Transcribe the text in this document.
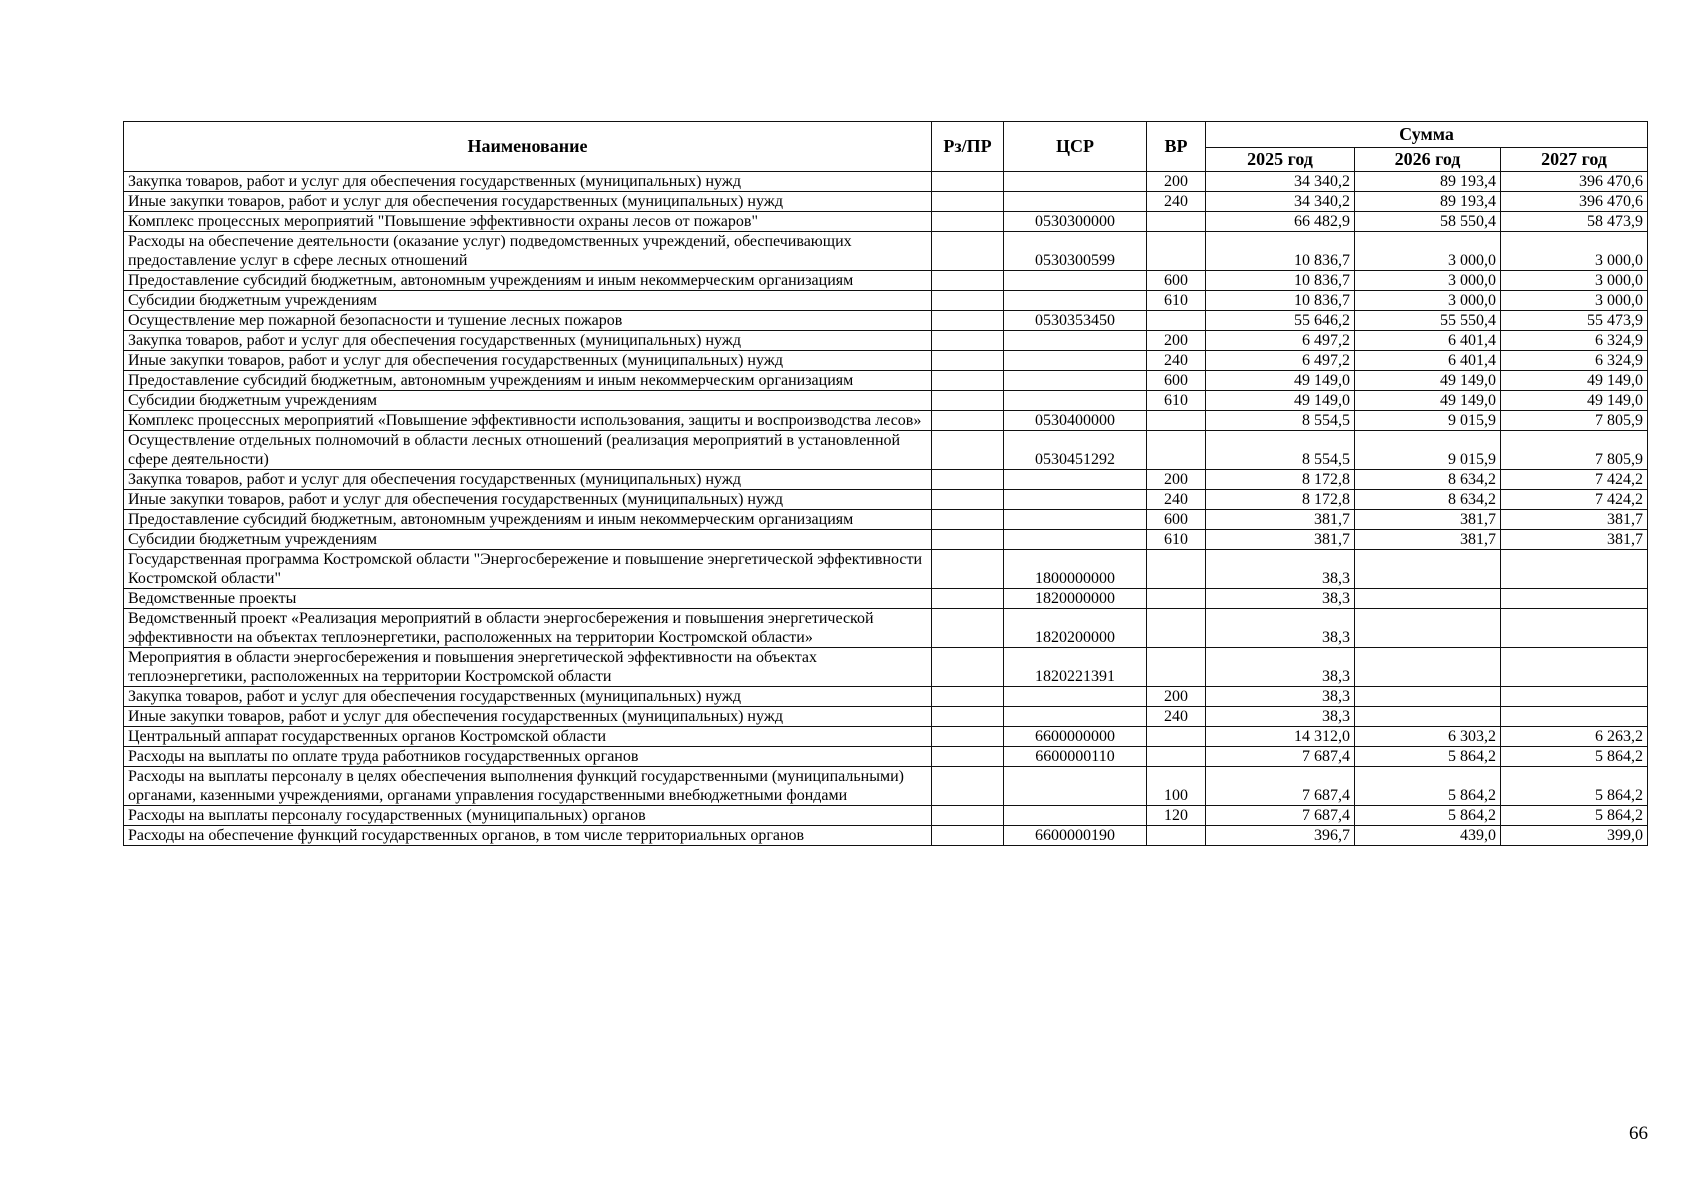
Наименование	Рз/ПР	ЦСР	ВР	Сумма		
				2025 год	2026 год	2027 год
Закупка товаров, работ и услуг для обеспечения государственных (муниципальных) нужд			200	34 340,2	89 193,4	396 470,6
Иные закупки товаров, работ и услуг для обеспечения государственных (муниципальных) нужд			240	34 340,2	89 193,4	396 470,6
Комплекс процессных мероприятий "Повышение эффективности охраны лесов от пожаров"		0530300000		66 482,9	58 550,4	58 473,9
Расходы на обеспечение деятельности (оказание услуг) подведомственных учреждений, обеспечивающих предоставление услуг в сфере лесных отношений		0530300599		10 836,7	3 000,0	3 000,0
Предоставление субсидий бюджетным, автономным учреждениям и иным некоммерческим организациям			600	10 836,7	3 000,0	3 000,0
Субсидии бюджетным учреждениям			610	10 836,7	3 000,0	3 000,0
Осуществление мер пожарной безопасности и тушение лесных пожаров		0530353450		55 646,2	55 550,4	55 473,9
Закупка товаров, работ и услуг для обеспечения государственных (муниципальных) нужд			200	6 497,2	6 401,4	6 324,9
Иные закупки товаров, работ и услуг для обеспечения государственных (муниципальных) нужд			240	6 497,2	6 401,4	6 324,9
Предоставление субсидий бюджетным, автономным учреждениям и иным некоммерческим организациям			600	49 149,0	49 149,0	49 149,0
Субсидии бюджетным учреждениям			610	49 149,0	49 149,0	49 149,0
Комплекс процессных мероприятий «Повышение эффективности использования, защиты и воспроизводства лесов»		0530400000		8 554,5	9 015,9	7 805,9
Осуществление отдельных полномочий в области лесных отношений (реализация мероприятий в установленной сфере деятельности)		0530451292		8 554,5	9 015,9	7 805,9
Закупка товаров, работ и услуг для обеспечения государственных (муниципальных) нужд			200	8 172,8	8 634,2	7 424,2
Иные закупки товаров, работ и услуг для обеспечения государственных (муниципальных) нужд			240	8 172,8	8 634,2	7 424,2
Предоставление субсидий бюджетным, автономным учреждениям и иным некоммерческим организациям			600	381,7	381,7	381,7
Субсидии бюджетным учреждениям			610	381,7	381,7	381,7
Государственная программа Костромской области "Энергосбережение и повышение энергетической эффективности Костромской области"		1800000000		38,3		
Ведомственные проекты		1820000000		38,3		
Ведомственный проект «Реализация мероприятий в области энергосбережения и повышения энергетической эффективности на объектах теплоэнергетики, расположенных на территории Костромской области»		1820200000		38,3		
Мероприятия в области энергосбережения и повышения энергетической эффективности на объектах теплоэнергетики, расположенных на территории Костромской области		1820221391		38,3		
Закупка товаров, работ и услуг для обеспечения государственных (муниципальных) нужд			200	38,3		
Иные закупки товаров, работ и услуг для обеспечения государственных (муниципальных) нужд			240	38,3		
Центральный аппарат государственных органов Костромской области		6600000000		14 312,0	6 303,2	6 263,2
Расходы на выплаты по оплате труда работников государственных органов		6600000110		7 687,4	5 864,2	5 864,2
Расходы на выплаты персоналу в целях обеспечения выполнения функций государственными (муниципальными) органами, казенными учреждениями, органами управления государственными внебюджетными фондами			100	7 687,4	5 864,2	5 864,2
Расходы на выплаты персоналу государственных (муниципальных) органов			120	7 687,4	5 864,2	5 864,2
Расходы на обеспечение функций государственных органов, в том числе территориальных органов		6600000190		396,7	439,0	399,0
66
